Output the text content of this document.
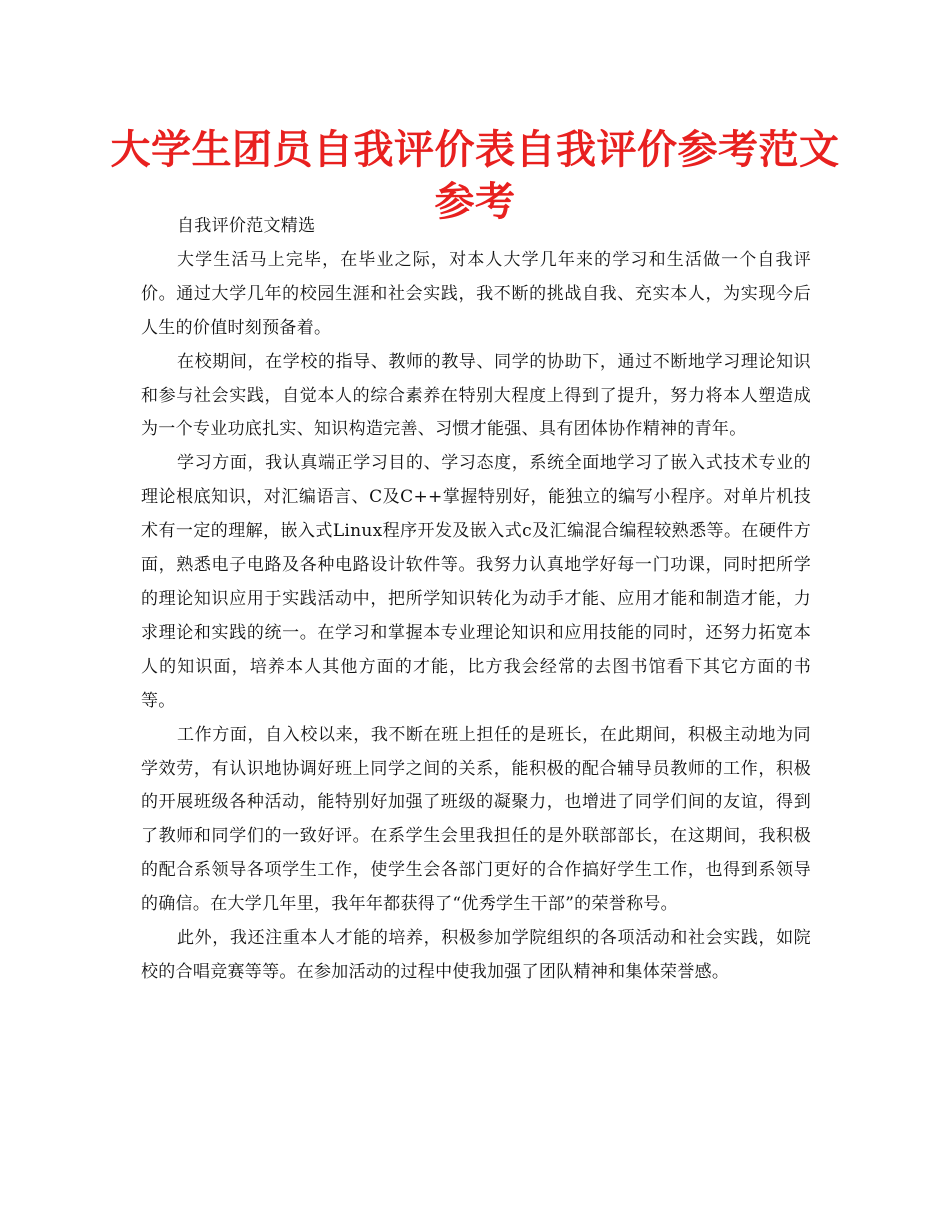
大学生团员自我评价表自我评价参考范文参考

自我评价范文精选

大学生活马上完毕，在毕业之际，对本人大学几年来的学习和生活做一个自我评价。通过大学几年的校园生涯和社会实践，我不断的挑战自我、充实本人，为实现今后人生的价值时刻预备着。

在校期间，在学校的指导、教师的教导、同学的协助下，通过不断地学习理论知识和参与社会实践，自觉本人的综合素养在特别大程度上得到了提升，努力将本人塑造成为一个专业功底扎实、知识构造完善、习惯才能强、具有团体协作精神的青年。

学习方面，我认真端正学习目的、学习态度，系统全面地学习了嵌入式技术专业的理论根底知识，对汇编语言、C及C++掌握特别好，能独立的编写小程序。对单片机技术有一定的理解，嵌入式Linux程序开发及嵌入式c及汇编混合编程较熟悉等。在硬件方面，熟悉电子电路及各种电路设计软件等。我努力认真地学好每一门功课，同时把所学的理论知识应用于实践活动中，把所学知识转化为动手才能、应用才能和制造才能，力求理论和实践的统一。在学习和掌握本专业理论知识和应用技能的同时，还努力拓宽本人的知识面，培养本人其他方面的才能，比方我会经常的去图书馆看下其它方面的书等。

工作方面，自入校以来，我不断在班上担任的是班长，在此期间，积极主动地为同学效劳，有认识地协调好班上同学之间的关系，能积极的配合辅导员教师的工作，积极的开展班级各种活动，能特别好加强了班级的凝聚力，也增进了同学们间的友谊，得到了教师和同学们的一致好评。在系学生会里我担任的是外联部部长，在这期间，我积极的配合系领导各项学生工作，使学生会各部门更好的合作搞好学生工作，也得到系领导的确信。在大学几年里，我年年都获得了“优秀学生干部”的荣誉称号。

此外，我还注重本人才能的培养，积极参加学院组织的各项活动和社会实践，如院校的合唱竞赛等等。在参加活动的过程中使我加强了团队精神和集体荣誉感。
